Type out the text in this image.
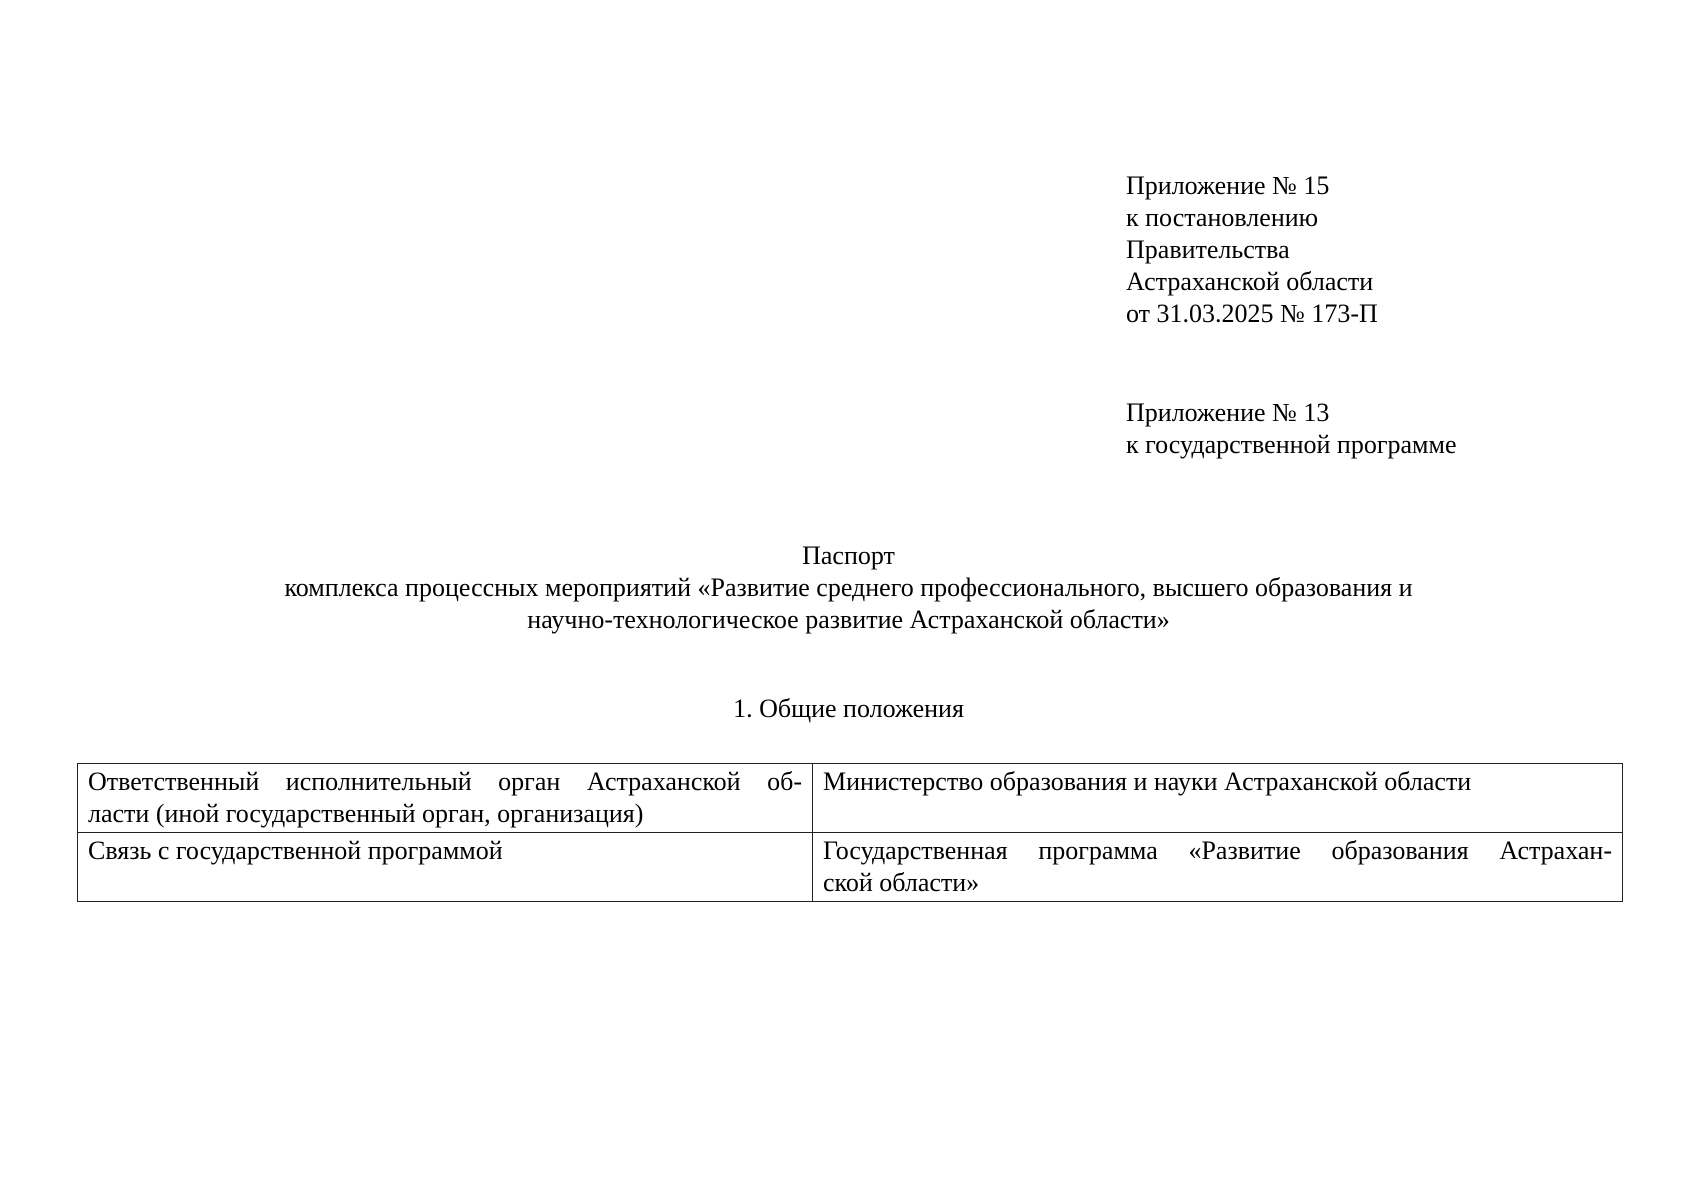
Приложение № 15
к постановлению
Правительства
Астраханской области
от 31.03.2025 № 173-П
Приложение № 13
к государственной программе
Паспорт
комплекса процессных мероприятий «Развитие среднего профессионального, высшего образования и
научно-технологическое развитие Астраханской области»
1. Общие положения
Ответственный исполнительный орган Астраханской об-
ласти (иной государственный орган, организация)	Министерство образования и науки Астраханской области

Связь с государственной программой	Государственная программа «Развитие образования Астрахан-
ской области»
